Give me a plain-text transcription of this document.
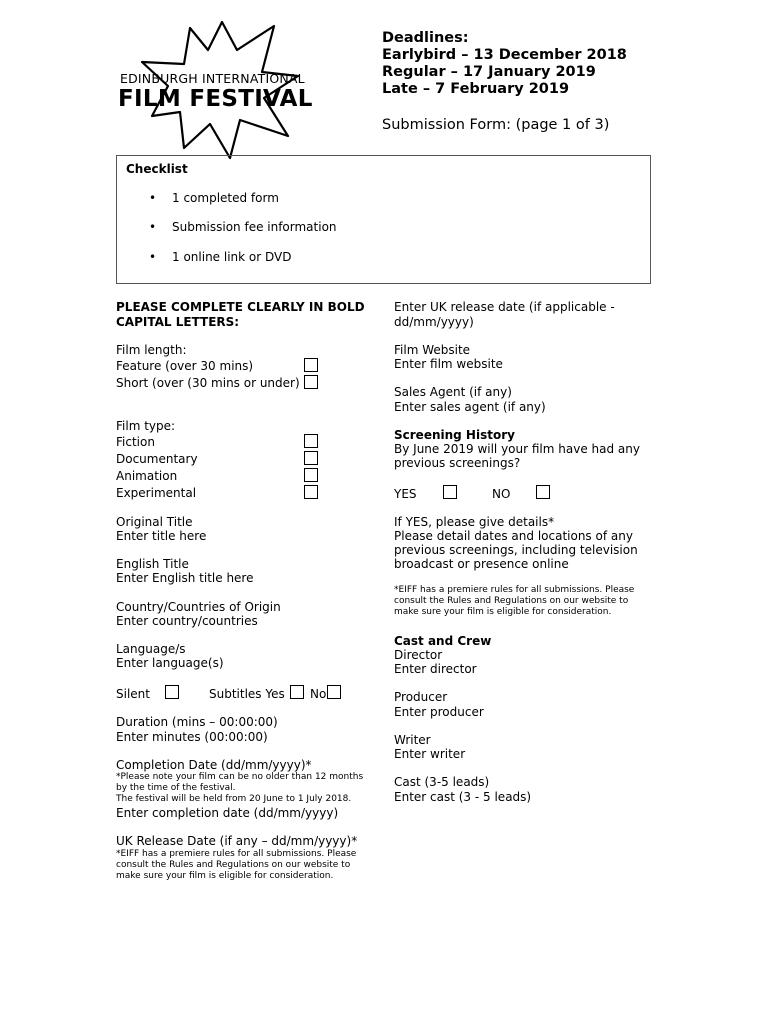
EDINBURGH INTERNATIONAL
FILM FESTIVAL
Deadlines:
Earlybird – 13 December 2018
Regular – 17 January 2019
Late – 7 February 2019
Submission Form: (page 1 of 3)
Checklist
• 1 completed form
• Submission fee information
• 1 online link or DVD
PLEASE COMPLETE CLEARLY IN BOLD
CAPITAL LETTERS:
Film length:
Feature (over 30 mins)
Short (over (30 mins or under)
Film type:
Fiction
Documentary
Animation
Experimental
Original Title
Enter title here
English Title
Enter English title here
Country/Countries of Origin
Enter country/countries
Language/s
Enter language(s)
Silent	Subtitles Yes No
Duration (mins – 00:00:00)
Enter minutes (00:00:00)
Completion Date (dd/mm/yyyy)*
*Please note your film can be no older than 12 months
by the time of the festival.
The festival will be held from 20 June to 1 July 2018.
Enter completion date (dd/mm/yyyy)
UK Release Date (if any – dd/mm/yyyy)*
*EIFF has a premiere rules for all submissions. Please
consult the Rules and Regulations on our website to
make sure your film is eligible for consideration.
Enter UK release date (if applicable -
dd/mm/yyyy)
Film Website
Enter film website
Sales Agent (if any)
Enter sales agent (if any)
Screening History
By June 2019 will your film have had any
previous screenings?
YES	NO
If YES, please give details*
Please detail dates and locations of any
previous screenings, including television
broadcast or presence online
*EIFF has a premiere rules for all submissions. Please
consult the Rules and Regulations on our website to
make sure your film is eligible for consideration.
Cast and Crew
Director
Enter director
Producer
Enter producer
Writer
Enter writer
Cast (3-5 leads)
Enter cast (3 - 5 leads)
